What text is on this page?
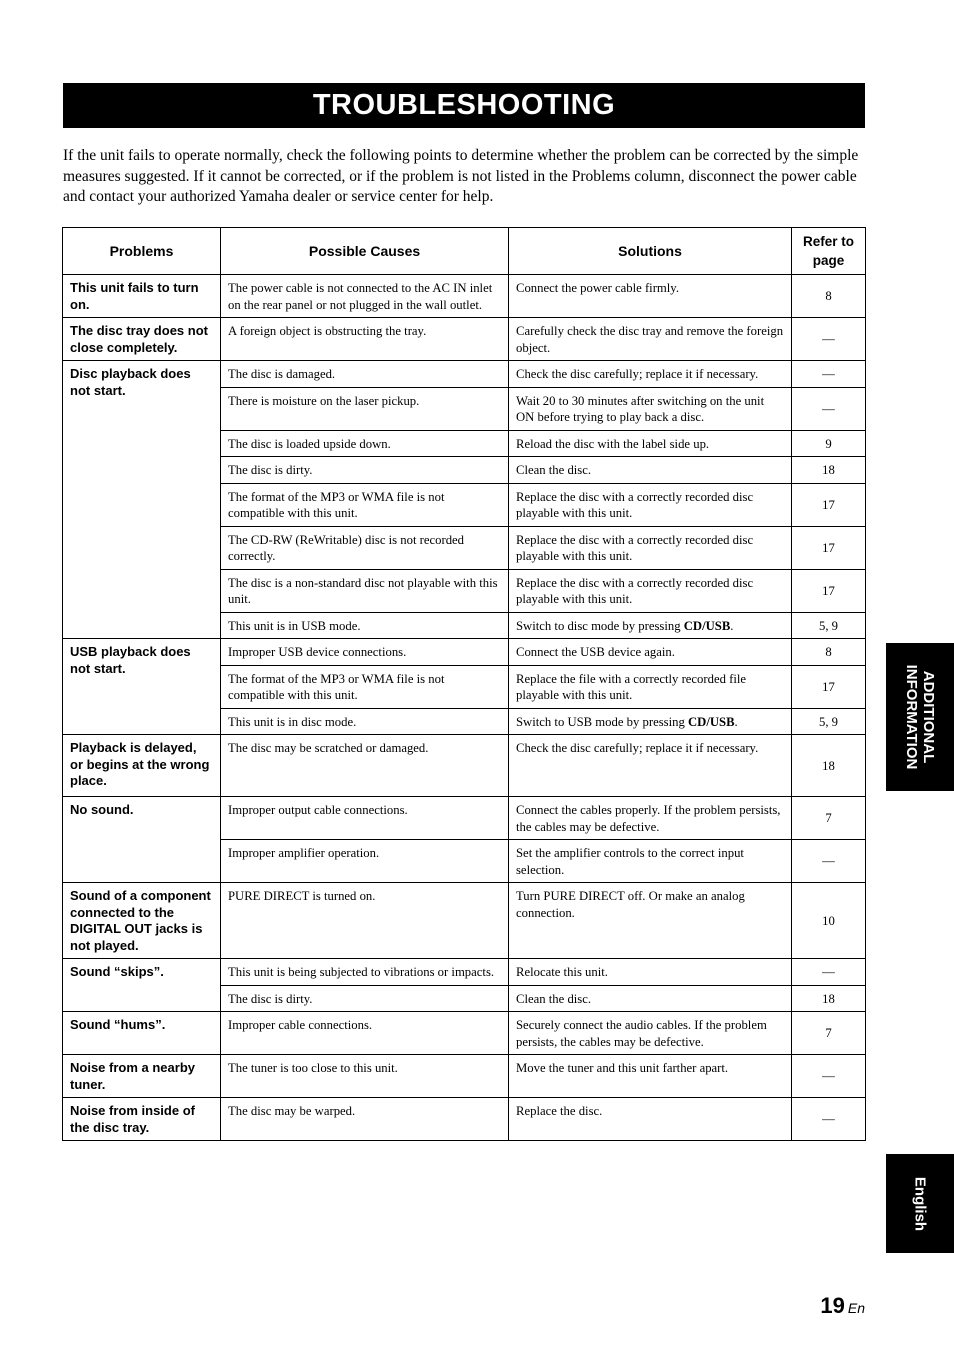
TROUBLESHOOTING

If the unit fails to operate normally, check the following points to determine whether the problem can be corrected by the simple measures suggested. If it cannot be corrected, or if the problem is not listed in the Problems column, disconnect the power cable and contact your authorized Yamaha dealer or service center for help.

Problems	Possible Causes	Solutions	Refer to page
This unit fails to turn on.	The power cable is not connected to the AC IN inlet on the rear panel or not plugged in the wall outlet.	Connect the power cable firmly.	8
The disc tray does not close completely.	A foreign object is obstructing the tray.	Carefully check the disc tray and remove the foreign object.	—
Disc playback does not start.	The disc is damaged.	Check the disc carefully; replace it if necessary.	—
	There is moisture on the laser pickup.	Wait 20 to 30 minutes after switching on the unit ON before trying to play back a disc.	—
	The disc is loaded upside down.	Reload the disc with the label side up.	9
	The disc is dirty.	Clean the disc.	18
	The format of the MP3 or WMA file is not compatible with this unit.	Replace the disc with a correctly recorded disc playable with this unit.	17
	The CD-RW (ReWritable) disc is not recorded correctly.	Replace the disc with a correctly recorded disc playable with this unit.	17
	The disc is a non-standard disc not playable with this unit.	Replace the disc with a correctly recorded disc playable with this unit.	17
	This unit is in USB mode.	Switch to disc mode by pressing CD/USB.	5, 9
USB playback does not start.	Improper USB device connections.	Connect the USB device again.	8
	The format of the MP3 or WMA file is not compatible with this unit.	Replace the file with a correctly recorded file playable with this unit.	17
	This unit is in disc mode.	Switch to USB mode by pressing CD/USB.	5, 9
Playback is delayed, or begins at the wrong place.	The disc may be scratched or damaged.	Check the disc carefully; replace it if necessary.	18
No sound.	Improper output cable connections.	Connect the cables properly. If the problem persists, the cables may be defective.	7
	Improper amplifier operation.	Set the amplifier controls to the correct input selection.	—
Sound of a component connected to the DIGITAL OUT jacks is not played.	PURE DIRECT is turned on.	Turn PURE DIRECT off. Or make an analog connection.	10
Sound “skips”.	This unit is being subjected to vibrations or impacts.	Relocate this unit.	—
	The disc is dirty.	Clean the disc.	18
Sound “hums”.	Improper cable connections.	Securely connect the audio cables. If the problem persists, the cables may be defective.	7
Noise from a nearby tuner.	The tuner is too close to this unit.	Move the tuner and this unit farther apart.	—
Noise from inside of the disc tray.	The disc may be warped.	Replace the disc.	—
ADDITIONAL
INFORMATION
English
19 En
